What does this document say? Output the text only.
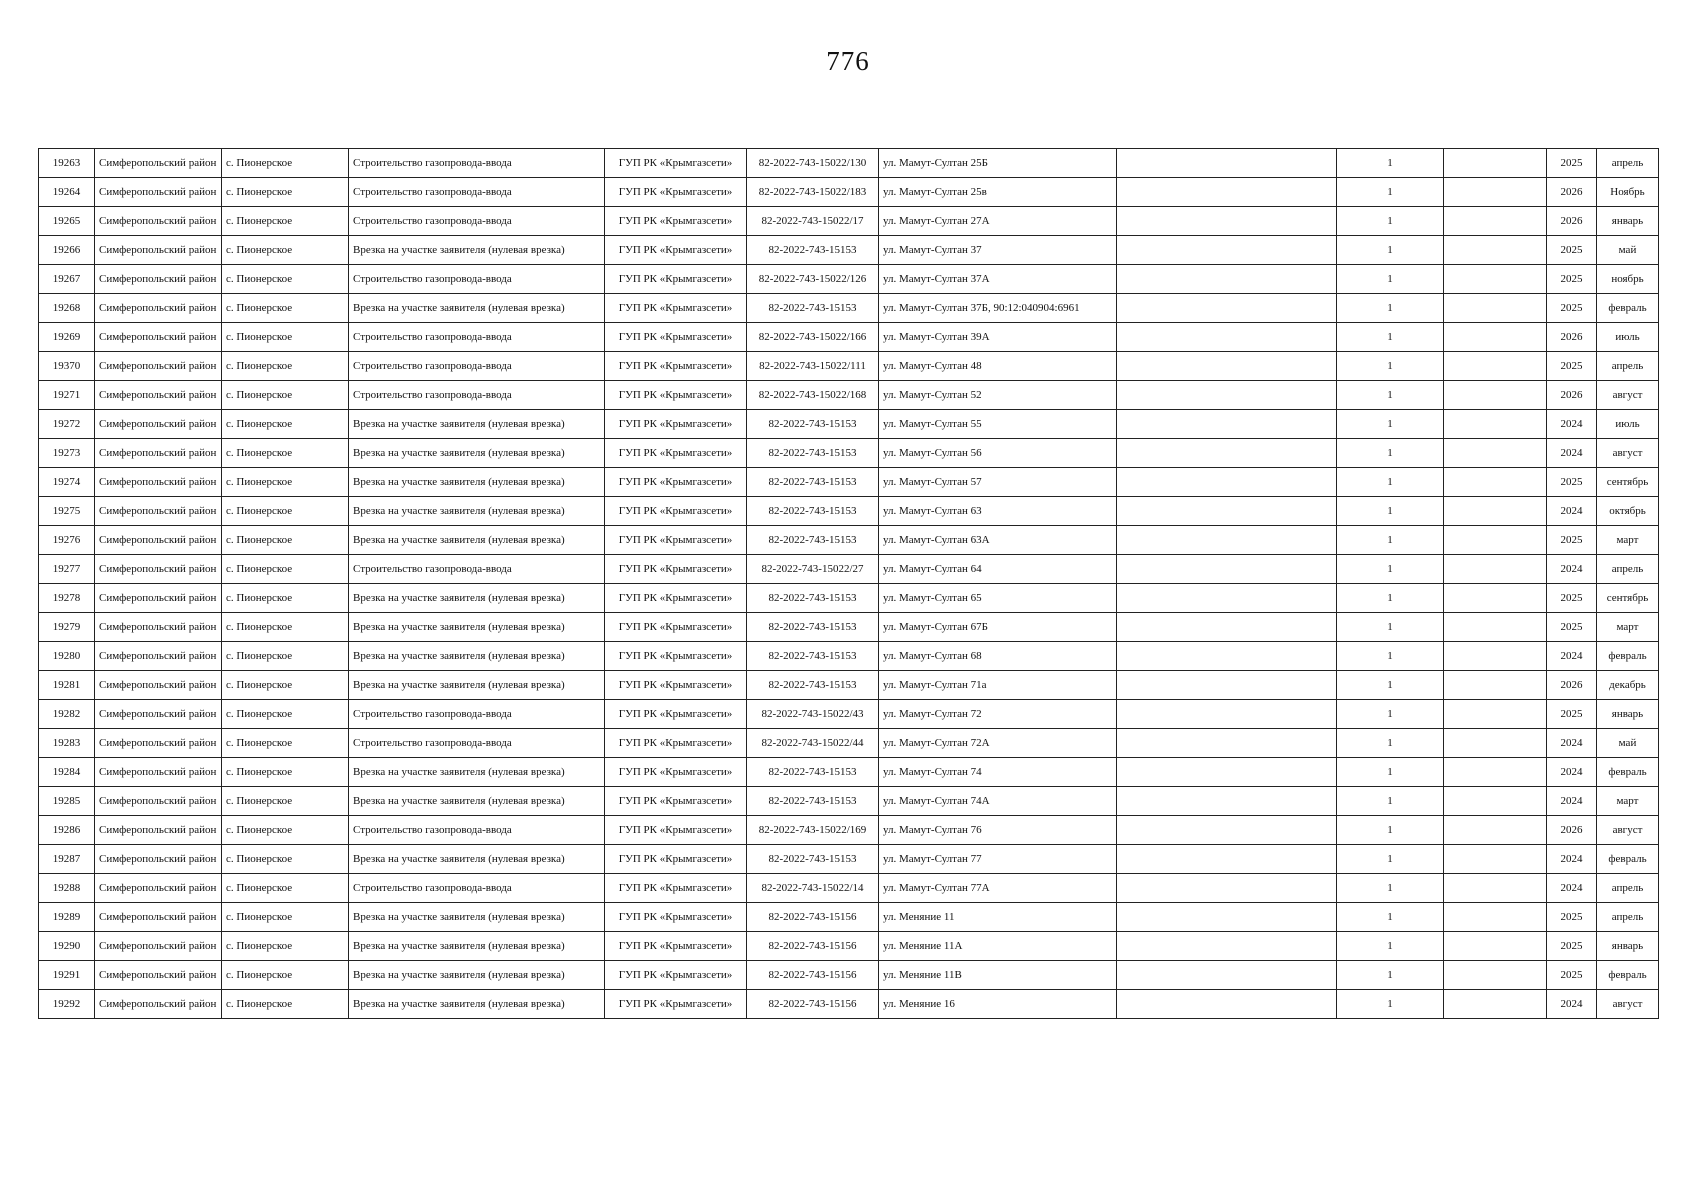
776
19263	Симферопольский район	с. Пионерское	Строительство газопровода-ввода	ГУП РК «Крымгазсети»	82-2022-743-15022/130	ул. Мамут-Султан 25Б		1		2025	апрель
19264	Симферопольский район	с. Пионерское	Строительство газопровода-ввода	ГУП РК «Крымгазсети»	82-2022-743-15022/183	ул. Мамут-Султан 25в		1		2026	Ноябрь
19265	Симферопольский район	с. Пионерское	Строительство газопровода-ввода	ГУП РК «Крымгазсети»	82-2022-743-15022/17	ул. Мамут-Султан 27А		1		2026	январь
19266	Симферопольский район	с. Пионерское	Врезка на участке заявителя (нулевая врезка)	ГУП РК «Крымгазсети»	82-2022-743-15153	ул. Мамут-Султан 37		1		2025	май
19267	Симферопольский район	с. Пионерское	Строительство газопровода-ввода	ГУП РК «Крымгазсети»	82-2022-743-15022/126	ул. Мамут-Султан 37А		1		2025	ноябрь
19268	Симферопольский район	с. Пионерское	Врезка на участке заявителя (нулевая врезка)	ГУП РК «Крымгазсети»	82-2022-743-15153	ул. Мамут-Султан 37Б, 90:12:040904:6961		1		2025	февраль
19269	Симферопольский район	с. Пионерское	Строительство газопровода-ввода	ГУП РК «Крымгазсети»	82-2022-743-15022/166	ул. Мамут-Султан 39А		1		2026	июль
19370	Симферопольский район	с. Пионерское	Строительство газопровода-ввода	ГУП РК «Крымгазсети»	82-2022-743-15022/111	ул. Мамут-Султан 48		1		2025	апрель
19271	Симферопольский район	с. Пионерское	Строительство газопровода-ввода	ГУП РК «Крымгазсети»	82-2022-743-15022/168	ул. Мамут-Султан 52		1		2026	август
19272	Симферопольский район	с. Пионерское	Врезка на участке заявителя (нулевая врезка)	ГУП РК «Крымгазсети»	82-2022-743-15153	ул. Мамут-Султан 55		1		2024	июль
19273	Симферопольский район	с. Пионерское	Врезка на участке заявителя (нулевая врезка)	ГУП РК «Крымгазсети»	82-2022-743-15153	ул. Мамут-Султан 56		1		2024	август
19274	Симферопольский район	с. Пионерское	Врезка на участке заявителя (нулевая врезка)	ГУП РК «Крымгазсети»	82-2022-743-15153	ул. Мамут-Султан 57		1		2025	сентябрь
19275	Симферопольский район	с. Пионерское	Врезка на участке заявителя (нулевая врезка)	ГУП РК «Крымгазсети»	82-2022-743-15153	ул. Мамут-Султан 63		1		2024	октябрь
19276	Симферопольский район	с. Пионерское	Врезка на участке заявителя (нулевая врезка)	ГУП РК «Крымгазсети»	82-2022-743-15153	ул. Мамут-Султан 63А		1		2025	март
19277	Симферопольский район	с. Пионерское	Строительство газопровода-ввода	ГУП РК «Крымгазсети»	82-2022-743-15022/27	ул. Мамут-Султан 64		1		2024	апрель
19278	Симферопольский район	с. Пионерское	Врезка на участке заявителя (нулевая врезка)	ГУП РК «Крымгазсети»	82-2022-743-15153	ул. Мамут-Султан 65		1		2025	сентябрь
19279	Симферопольский район	с. Пионерское	Врезка на участке заявителя (нулевая врезка)	ГУП РК «Крымгазсети»	82-2022-743-15153	ул. Мамут-Султан 67Б		1		2025	март
19280	Симферопольский район	с. Пионерское	Врезка на участке заявителя (нулевая врезка)	ГУП РК «Крымгазсети»	82-2022-743-15153	ул. Мамут-Султан 68		1		2024	февраль
19281	Симферопольский район	с. Пионерское	Врезка на участке заявителя (нулевая врезка)	ГУП РК «Крымгазсети»	82-2022-743-15153	ул. Мамут-Султан 71а		1		2026	декабрь
19282	Симферопольский район	с. Пионерское	Строительство газопровода-ввода	ГУП РК «Крымгазсети»	82-2022-743-15022/43	ул. Мамут-Султан 72		1		2025	январь
19283	Симферопольский район	с. Пионерское	Строительство газопровода-ввода	ГУП РК «Крымгазсети»	82-2022-743-15022/44	ул. Мамут-Султан 72А		1		2024	май
19284	Симферопольский район	с. Пионерское	Врезка на участке заявителя (нулевая врезка)	ГУП РК «Крымгазсети»	82-2022-743-15153	ул. Мамут-Султан 74		1		2024	февраль
19285	Симферопольский район	с. Пионерское	Врезка на участке заявителя (нулевая врезка)	ГУП РК «Крымгазсети»	82-2022-743-15153	ул. Мамут-Султан 74А		1		2024	март
19286	Симферопольский район	с. Пионерское	Строительство газопровода-ввода	ГУП РК «Крымгазсети»	82-2022-743-15022/169	ул. Мамут-Султан 76		1		2026	август
19287	Симферопольский район	с. Пионерское	Врезка на участке заявителя (нулевая врезка)	ГУП РК «Крымгазсети»	82-2022-743-15153	ул. Мамут-Султан 77		1		2024	февраль
19288	Симферопольский район	с. Пионерское	Строительство газопровода-ввода	ГУП РК «Крымгазсети»	82-2022-743-15022/14	ул. Мамут-Султан 77А		1		2024	апрель
19289	Симферопольский район	с. Пионерское	Врезка на участке заявителя (нулевая врезка)	ГУП РК «Крымгазсети»	82-2022-743-15156	ул. Меняние 11		1		2025	апрель
19290	Симферопольский район	с. Пионерское	Врезка на участке заявителя (нулевая врезка)	ГУП РК «Крымгазсети»	82-2022-743-15156	ул. Меняние 11А		1		2025	январь
19291	Симферопольский район	с. Пионерское	Врезка на участке заявителя (нулевая врезка)	ГУП РК «Крымгазсети»	82-2022-743-15156	ул. Меняние 11В		1		2025	февраль
19292	Симферопольский район	с. Пионерское	Врезка на участке заявителя (нулевая врезка)	ГУП РК «Крымгазсети»	82-2022-743-15156	ул. Меняние 16		1		2024	август
